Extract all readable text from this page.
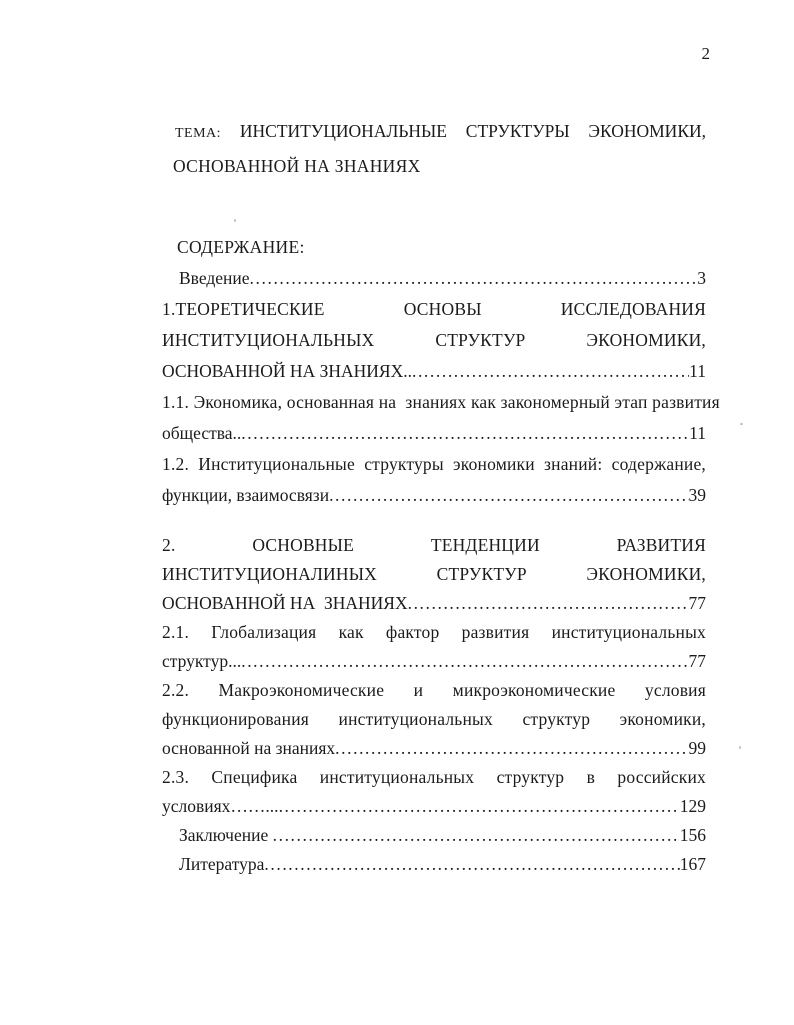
2
ТЕМА: ИНСТИТУЦИОНАЛЬНЫЕ СТРУКТУРЫ ЭКОНОМИКИ,
ОСНОВАННОЙ НА ЗНАНИЯХ
СОДЕРЖАНИЕ:
Введение .....	3
1.ТЕОРЕТИЧЕСКИЕ ОСНОВЫ ИССЛЕДОВАНИЯ
ИНСТИТУЦИОНАЛЬНЫХ СТРУКТУР ЭКОНОМИКИ,
ОСНОВАННОЙ НА ЗНАНИЯХ.. .....	11
1.1. Экономика, основанная на  знаниях как закономерный этап развития
общества.. .....	11
1.2. Институциональные структуры экономики знаний: содержание,
функции, взаимосвязи .....	39
2. ОСНОВНЫЕ ТЕНДЕНЦИИ РАЗВИТИЯ
ИНСТИТУЦИОНАЛИНЫХ СТРУКТУР ЭКОНОМИКИ,
ОСНОВАННОЙ НА  ЗНАНИЯХ .....	77
2.1. Глобализация как фактор развития институциональных
структур... .....	77
2.2. Макроэкономические и микроэкономические условия
функционирования институциональных структур экономики,
основанной на знаниях .....	99
2.3. Специфика институциональных структур в российских
условиях……... .....	129
Заключение .....	156
Литература .....	167
